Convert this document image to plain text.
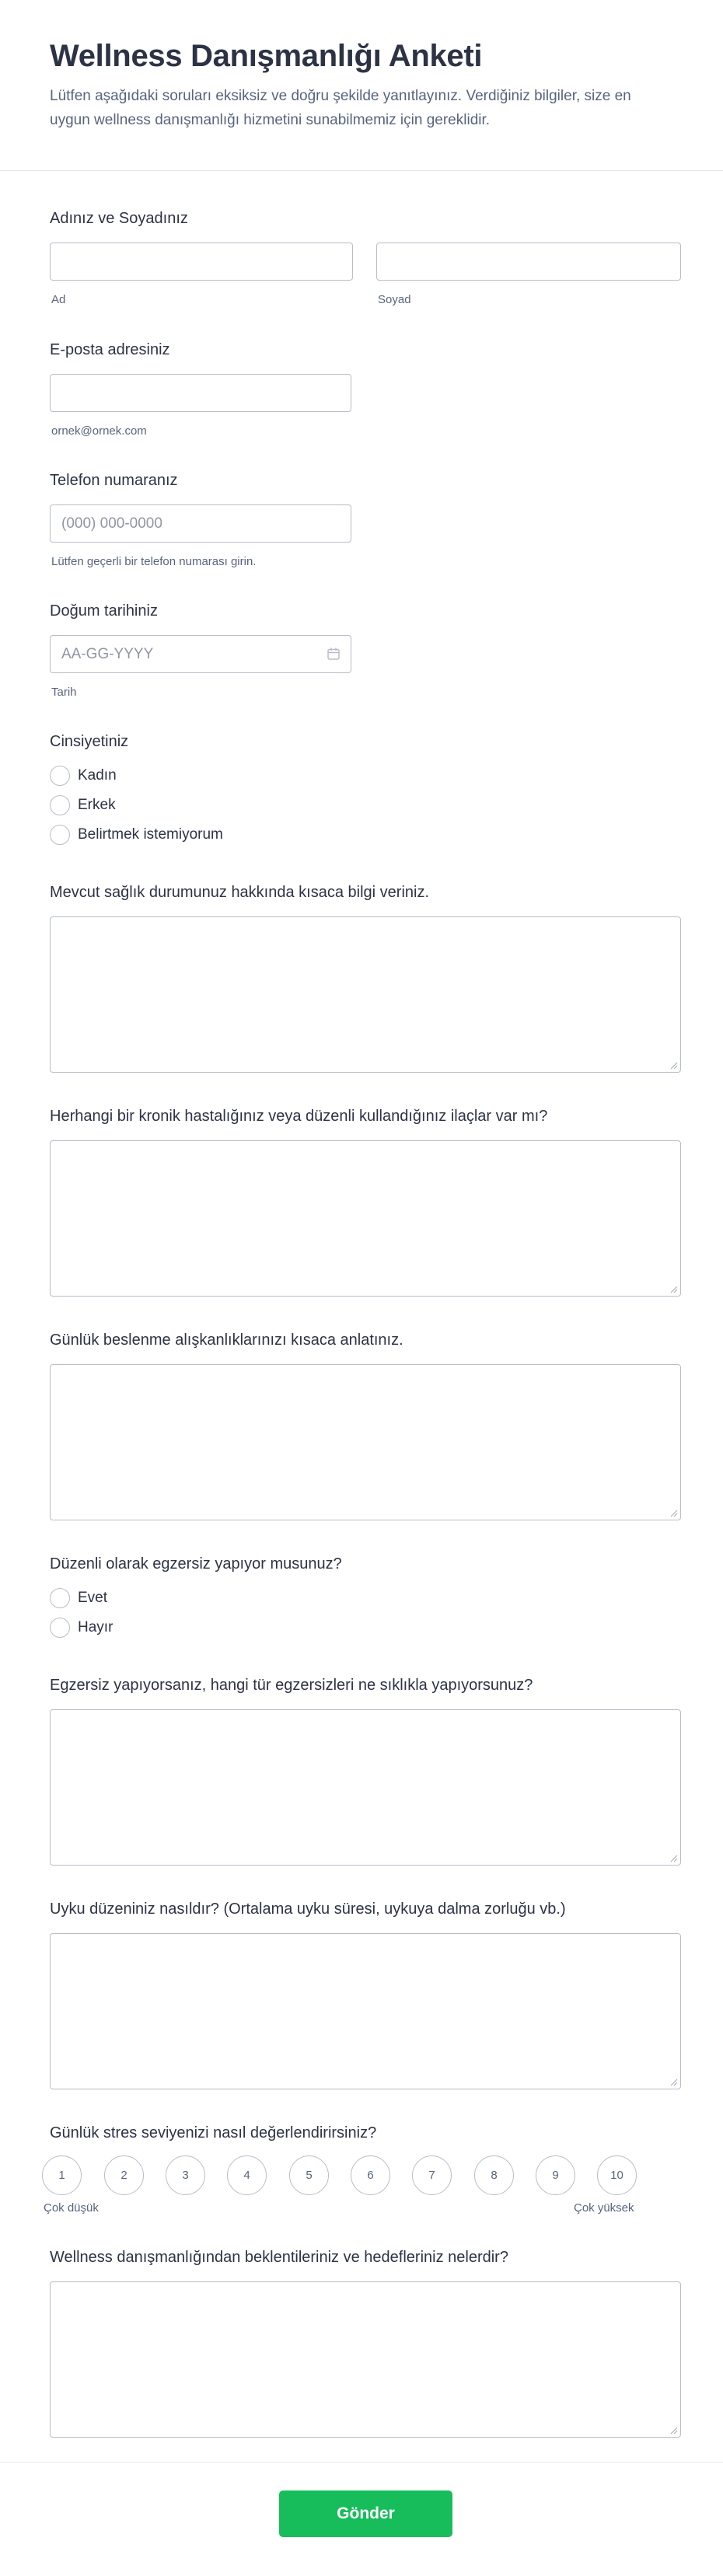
Wellness Danışmanlığı Anketi

Lütfen aşağıdaki soruları eksiksiz ve doğru şekilde yanıtlayınız. Verdiğiniz bilgiler, size en uygun wellness danışmanlığı hizmetini sunabilmemiz için gereklidir.

Adınız ve Soyadınız
Ad	Soyad
E-posta adresiniz
ornek@ornek.com
Telefon numaranız
(000) 000-0000
Lütfen geçerli bir telefon numarası girin.
Doğum tarihiniz
AA-GG-YYYY
Tarih
Cinsiyetiniz
Kadın
Erkek
Belirtmek istemiyorum
Mevcut sağlık durumunuz hakkında kısaca bilgi veriniz.
Herhangi bir kronik hastalığınız veya düzenli kullandığınız ilaçlar var mı?
Günlük beslenme alışkanlıklarınızı kısaca anlatınız.
Düzenli olarak egzersiz yapıyor musunuz?
Evet
Hayır
Egzersiz yapıyorsanız, hangi tür egzersizleri ne sıklıkla yapıyorsunuz?
Uyku düzeniniz nasıldır? (Ortalama uyku süresi, uykuya dalma zorluğu vb.)
Günlük stres seviyenizi nasıl değerlendirirsiniz?
1	2	3	4	5	6	7	8	9	10
Çok düşük	Çok yüksek
Wellness danışmanlığından beklentileriniz ve hedefleriniz nelerdir?
Gönder
